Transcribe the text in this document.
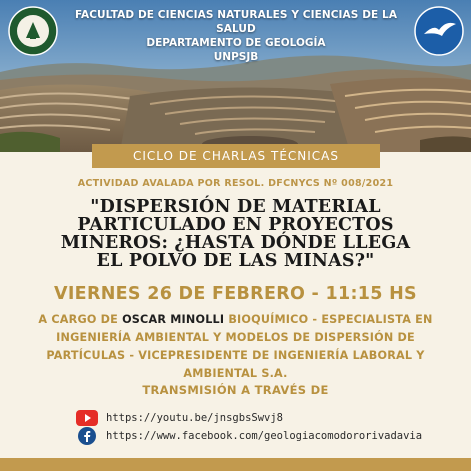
FACULTAD DE CIENCIAS NATURALES Y CIENCIAS DE LA SALUD
DEPARTAMENTO DE GEOLOGÍA
UNPSJB
CICLO DE CHARLAS TÉCNICAS
ACTIVIDAD AVALADA POR RESOL. DFCNYCS Nº 008/2021
"DISPERSIÓN DE MATERIAL
PARTICULADO EN PROYECTOS
MINEROS: ¿HASTA DÓNDE LLEGA
EL POLVO DE LAS MINAS?"
VIERNES 26 DE FEBRERO - 11:15 HS
A CARGO DE OSCAR MINOLLI BIOQUÍMICO - ESPECIALISTA EN
INGENIERÍA AMBIENTAL Y MODELOS DE DISPERSIÓN DE
PARTÍCULAS - VICEPRESIDENTE DE INGENIERÍA LABORAL Y
AMBIENTAL S.A.
TRANSMISIÓN A TRAVÉS DE
https://youtu.be/jnsgbsSwvj8
https://www.facebook.com/geologiacomodororivadavia
